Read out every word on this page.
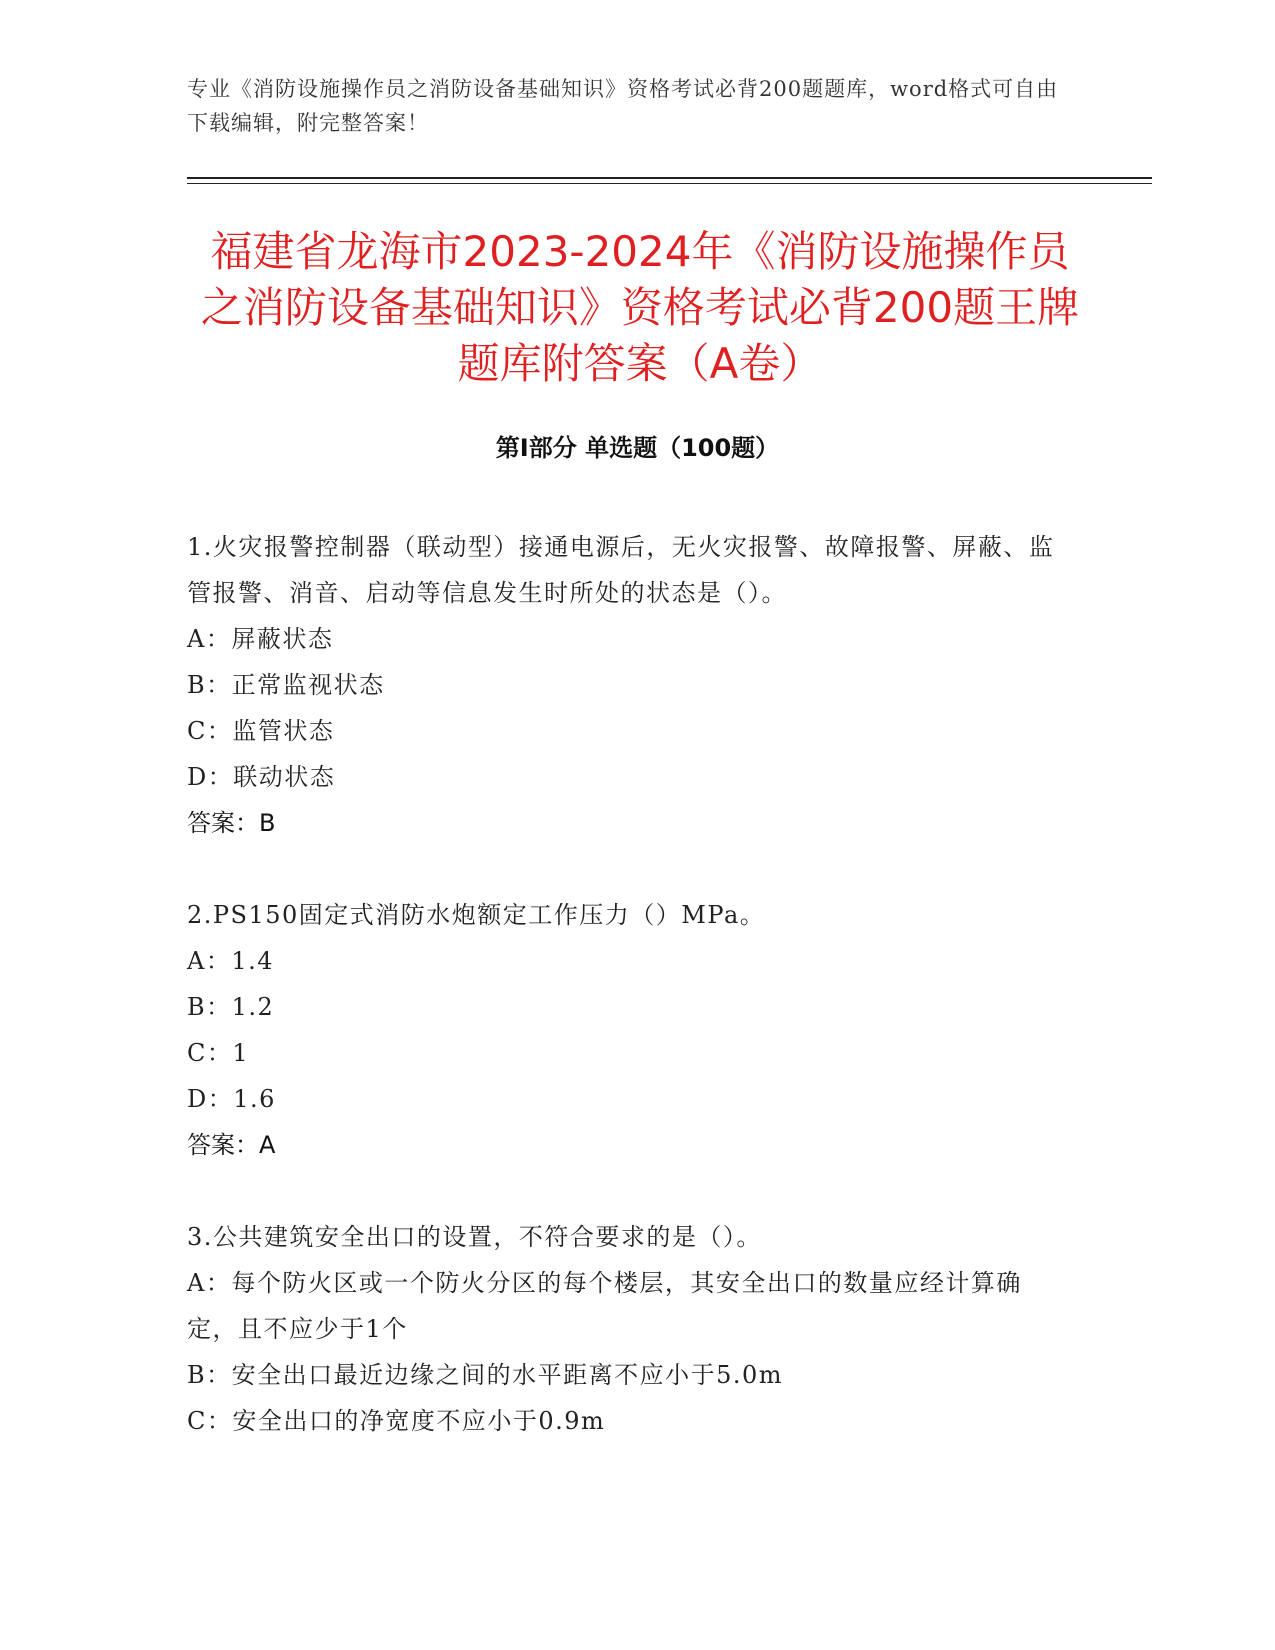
专业《消防设施操作员之消防设备基础知识》资格考试必背200题题库，word格式可自由下载编辑，附完整答案！
福建省龙海市2023-2024年《消防设施操作员之消防设备基础知识》资格考试必背200题王牌题库附答案（A卷）
第I部分 单选题（100题）

1.火灾报警控制器（联动型）接通电源后，无火灾报警、故障报警、屏蔽、监管报警、消音、启动等信息发生时所处的状态是（）。

A：屏蔽状态

B：正常监视状态

C：监管状态

D：联动状态

答案：B

2.PS150固定式消防水炮额定工作压力（）MPa。

A：1.4

B：1.2

C：1

D：1.6

答案：A

3.公共建筑安全出口的设置，不符合要求的是（）。

A：每个防火区或一个防火分区的每个楼层，其安全出口的数量应经计算确定，且不应少于1个

B：安全出口最近边缘之间的水平距离不应小于5.0m

C：安全出口的净宽度不应小于0.9m
